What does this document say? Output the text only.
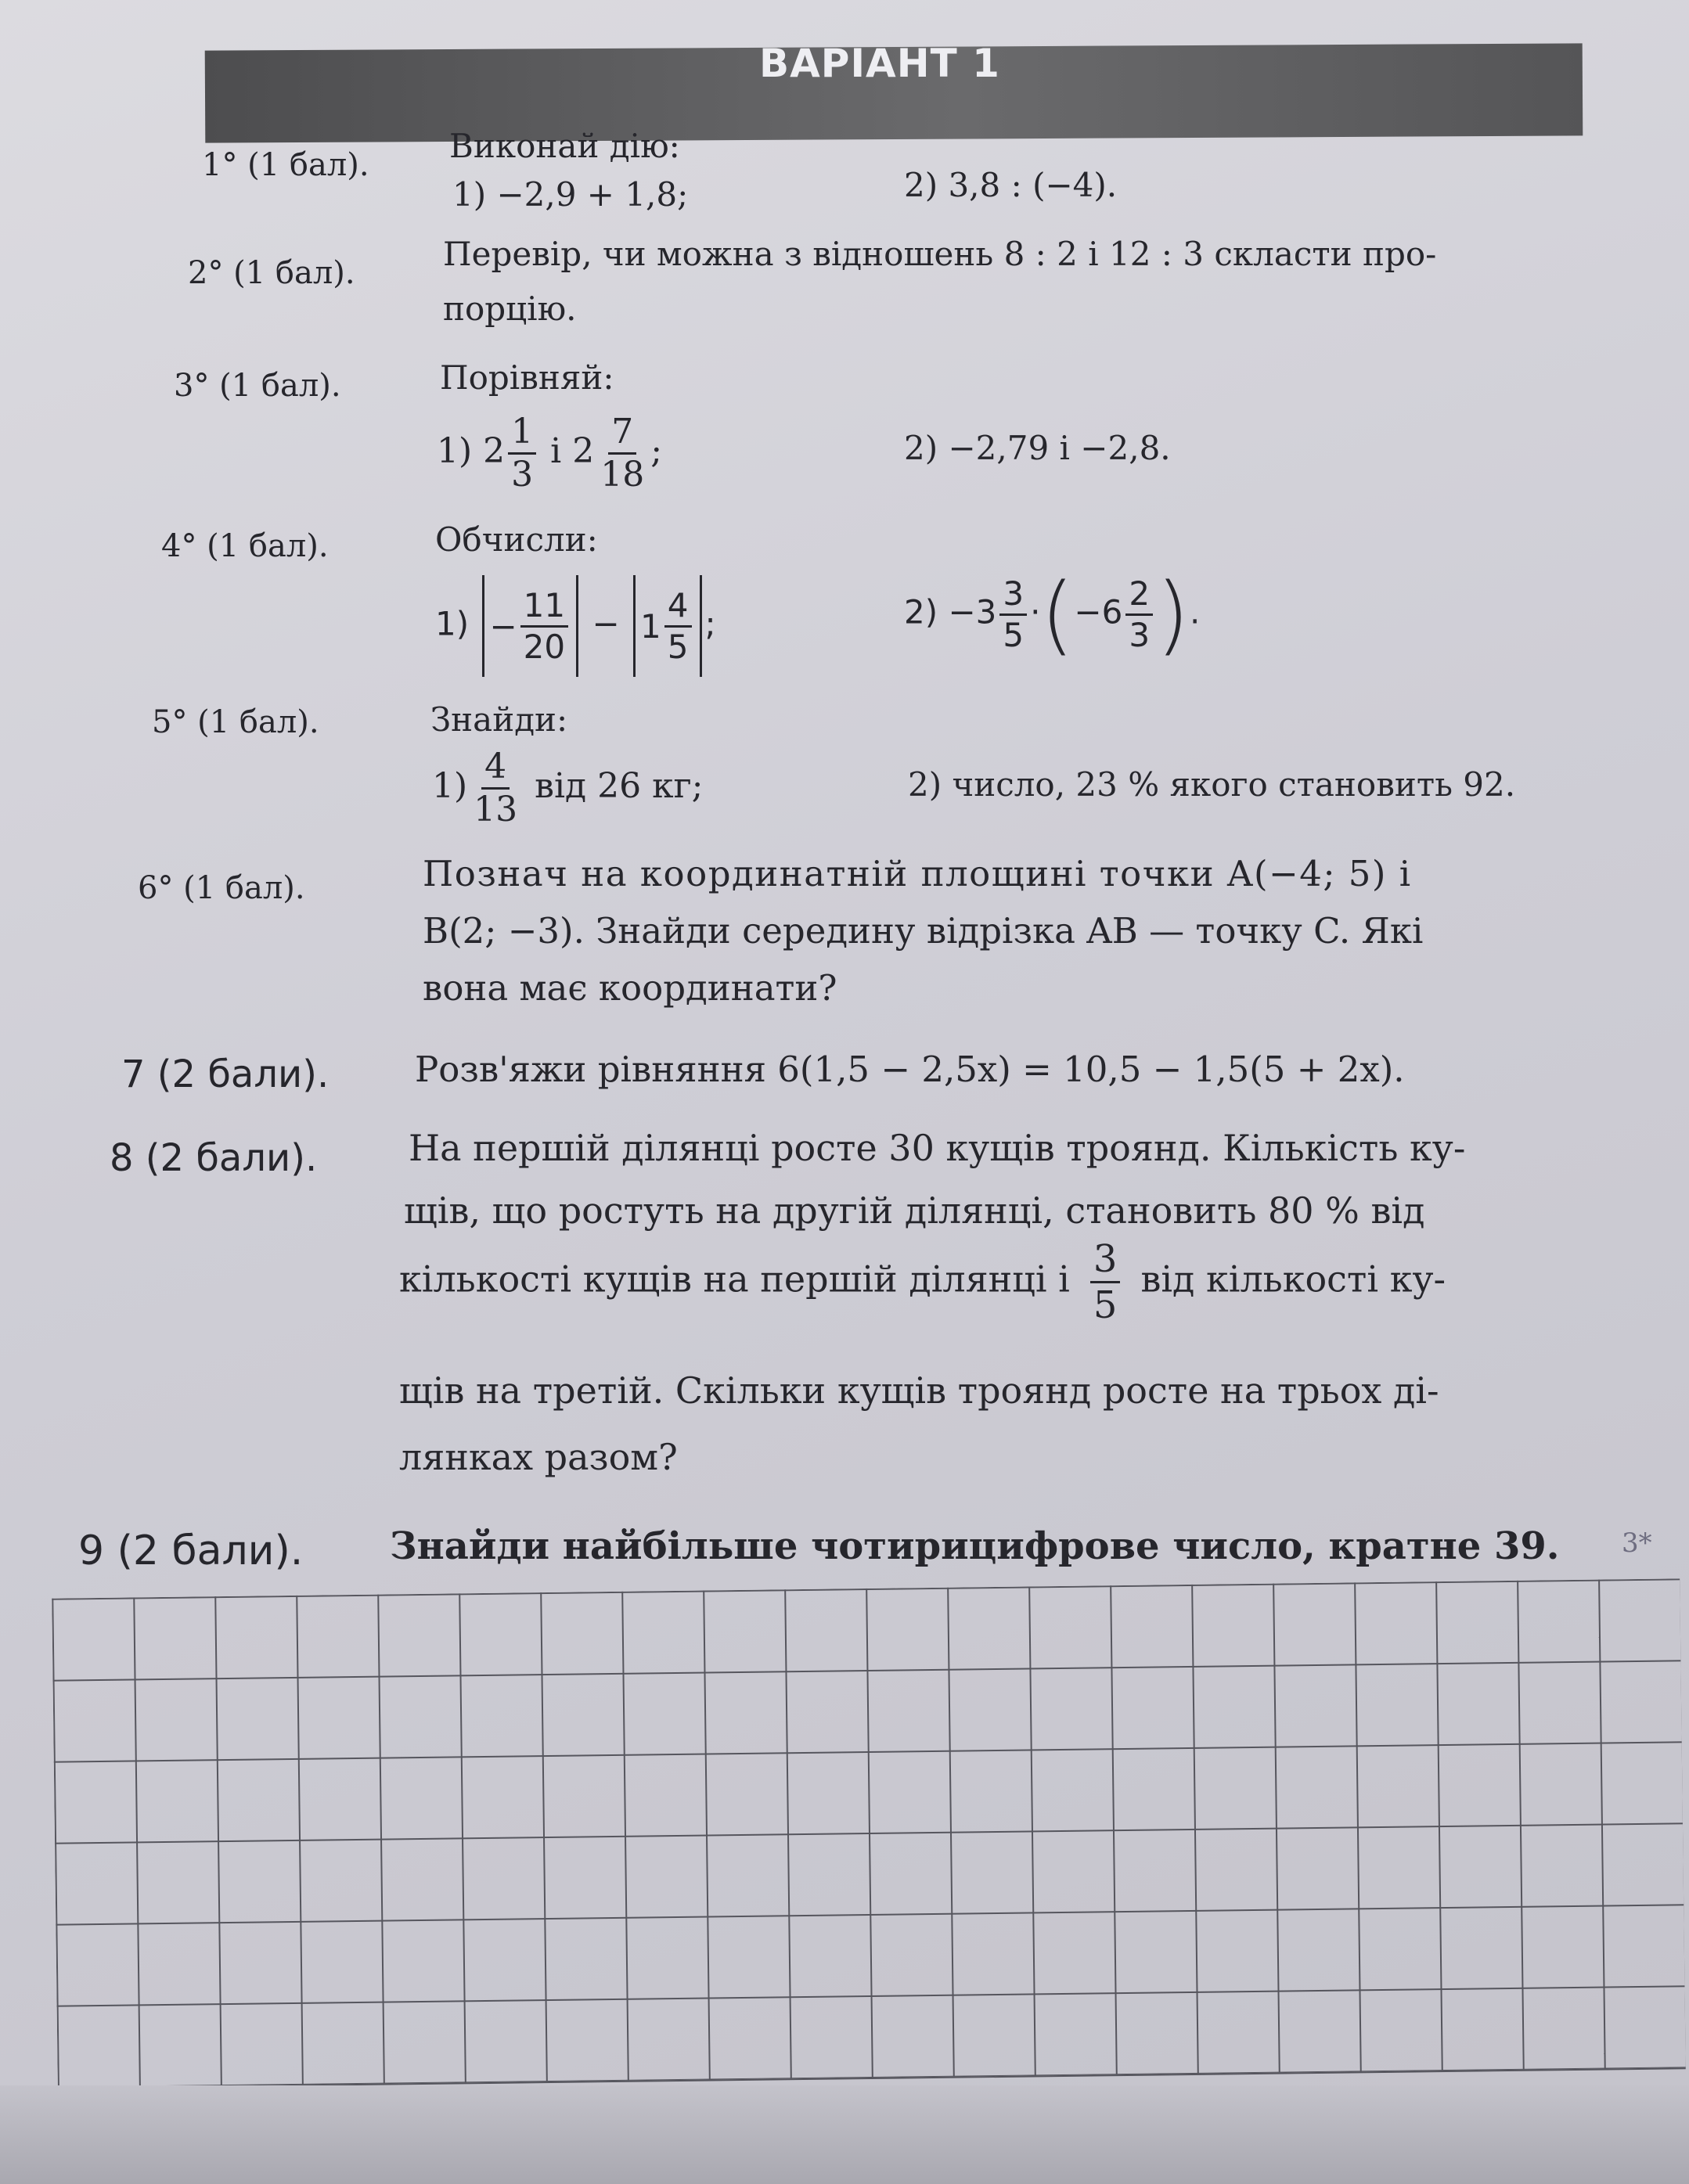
ВАРІАНТ 1
1° (1 бал). Виконай дію:
1) −2,9 + 1,8;	2) 3,8 : (−4).
2° (1 бал).	Перевір, чи можна з відношень 8 : 2 і 12 : 3 скласти про-
порцію.
3° (1 бал).	Порівняй:
1) $2 \frac{1}{3}$ і $2 \frac{7}{18}$ ;	2) −2,79 і −2,8.
4° (1 бал).	Обчисли:
$1) - \frac{11}{20} - 1 \frac{4}{5}$ ;	$2) -3 \frac{3}{5} \cdot(-6 \frac{2}{3}$ ).
5° (1 бал).	Знайди:
$1) \frac{4}{13}$ від 26 кг;	2) число, 23 % якого становить 92.
6° (1 бал).	Познач на координатній площині точки A(−4; 5) і
B(2; −3). Знайди середину відрізка AB — точку C. Які
вона має координати?
7 (2 бали). Розв'яжи рівняння 6(1,5 − 2,5x) = 10,5 − 1,5(5 + 2x).
8 (2 бали).	На першій ділянці росте 30 кущів троянд. Кількість ку-
щів, що ростуть на другій ділянці, становить 80 % від
кількості кущів на першій ділянці і $\frac{3}{5}$ від кількості ку-
щів на третій. Скільки кущів троянд росте на трьох ді-
лянках разом?
9 (2 бали). Знайди найбільше чотирицифрове число, кратне 39. 3*
